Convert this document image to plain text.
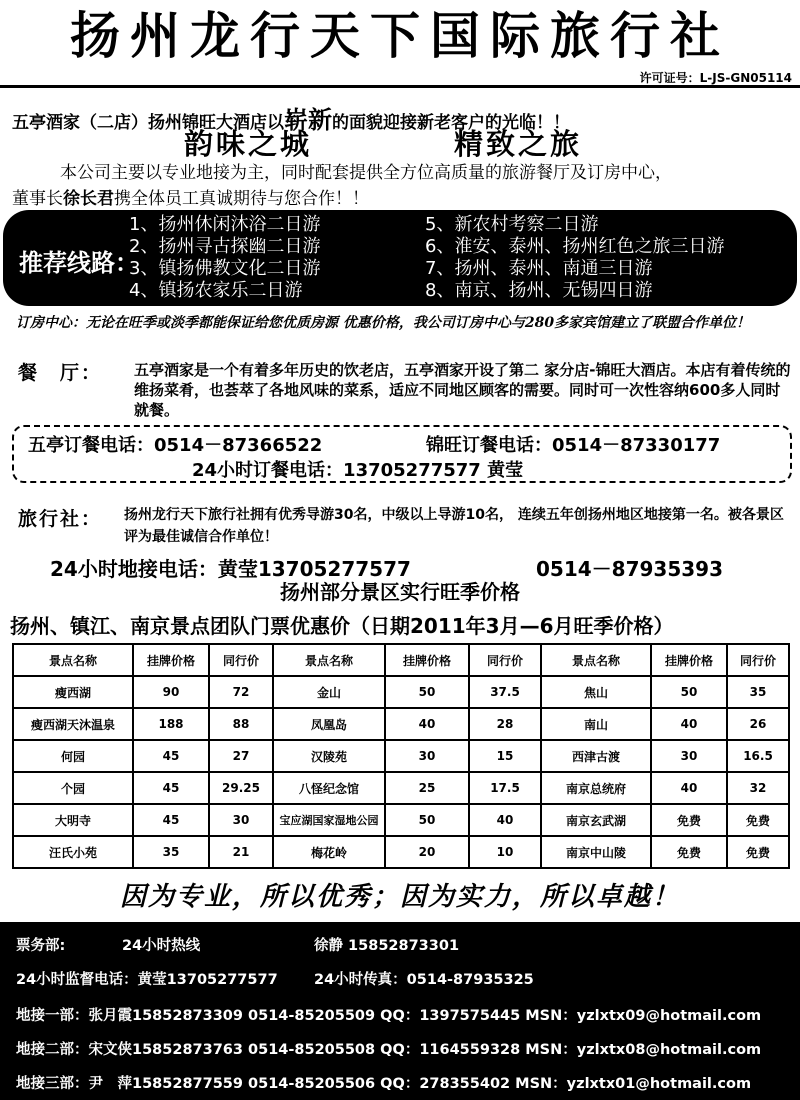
扬州龙行天下国际旅行社
许可证号：L-JS-GN05114
五亭酒家（二店）扬州锦旺大酒店以崭新的面貌迎接新老客户的光临！！
韵味之城	精致之旅
本公司主要以专业地接为主，同时配套提供全方位高质量的旅游餐厅及订房中心，
董事长徐长君携全体员工真诚期待与您合作！！
推荐线路：
1、扬州休闲沐浴二日游
2、扬州寻古探幽二日游
3、镇扬佛教文化二日游
4、镇扬农家乐二日游
5、新农村考察二日游
6、淮安、泰州、扬州红色之旅三日游
7、扬州、泰州、南通三日游
8、南京、扬州、无锡四日游
订房中心：无论在旺季或淡季都能保证给您优质房源 优惠价格，我公司订房中心与280多家宾馆建立了联盟合作单位！
餐　厅： 五亭酒家是一个有着多年历史的饮老店，五亭酒家开设了第二 家分店-锦旺大酒店。本店有着传统的维扬菜肴，也荟萃了各地风味的菜系，适应不同地区顾客的需要。同时可一次性容纳600多人同时就餐。
五亭订餐电话：0514－87366522	锦旺订餐电话：0514－87330177
24小时订餐电话：13705277577 黄莹
旅行社： 扬州龙行天下旅行社拥有优秀导游30名，中级以上导游10名， 连续五年创扬州地区地接第一名。被各景区评为最佳诚信合作单位！
24小时地接电话：黄莹13705277577	0514－87935393
扬州部分景区实行旺季价格
扬州、镇江、南京景点团队门票优惠价（日期2011年3月—6月旺季价格）
景点名称	挂牌价格	同行价	景点名称	挂牌价格	同行价	景点名称	挂牌价格	同行价
瘦西湖	90	72	金山	50	37.5	焦山	50	35
瘦西湖天沐温泉	188	88	凤凰岛	40	28	南山	40	26
何园	45	27	汉陵苑	30	15	西津古渡	30	16.5
个园	45	29.25	八怪纪念馆	25	17.5	南京总统府	40	32
大明寺	45	30	宝应湖国家湿地公园	50	40	南京玄武湖	免费	免费
汪氏小苑	35	21	梅花岭	20	10	南京中山陵	免费	免费
因为专业，所以优秀；因为实力，所以卓越！
票务部:	24小时热线	徐静 15852873301
24小时监督电话：黄莹13705277577	24小时传真：0514-87935325
地接一部：张月霞15852873309 0514-85205509 QQ：1397575445 MSN：yzlxtx09@hotmail.com
地接二部：宋文侠15852873763 0514-85205508 QQ：1164559328 MSN：yzlxtx08@hotmail.com
地接三部：尹　萍15852877559 0514-85205506 QQ：278355402 MSN：yzlxtx01@hotmail.com
